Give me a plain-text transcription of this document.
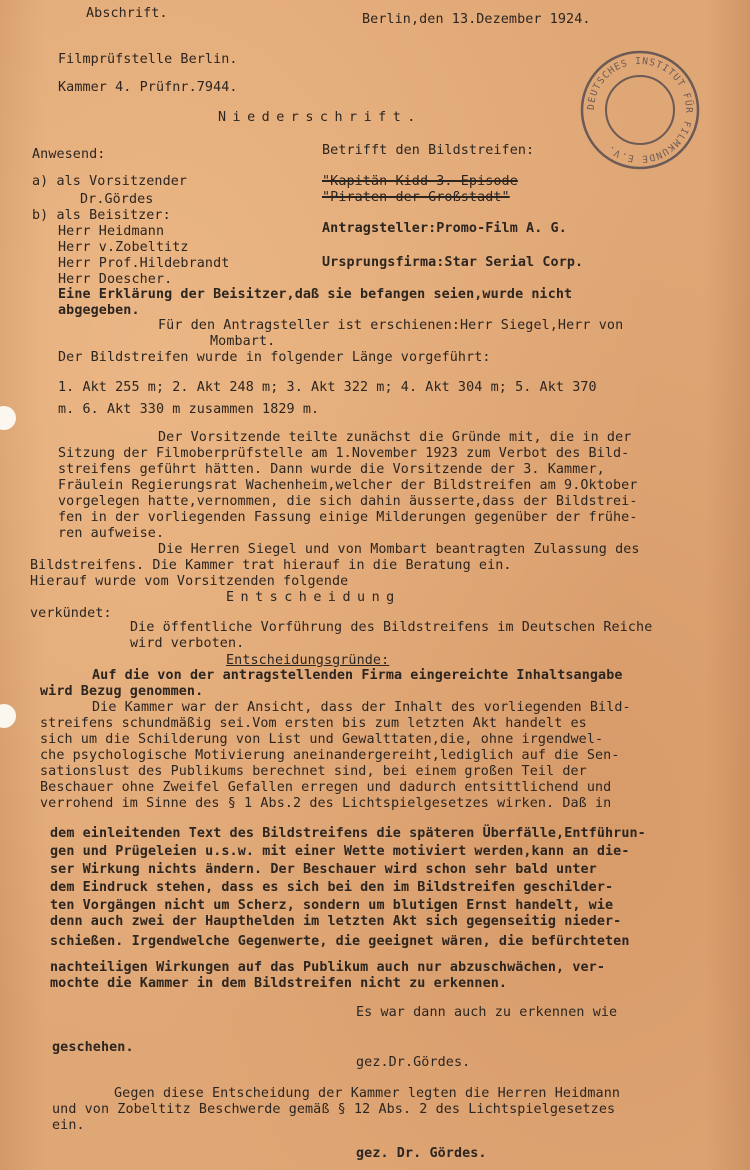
DEUTSCHES INSTITUT FÜR FILMKUNDE E.V.
Abschrift.	Berlin,den 13.Dezember 1924.
Filmprüfstelle Berlin.
Kammer 4. Prüfnr.7944.
Niederschrift.
Anwesend:
a) als Vorsitzender
Dr.Gördes
b) als Beisitzer:
Herr Heidmann
Herr v.Zobeltitz
Herr Prof.Hildebrandt
Herr Doescher.
Betrifft den Bildstreifen:
"Kapitän Kidd 3. Episode
"Piraten der Großstadt"
Antragsteller:Promo-Film A. G.
Ursprungsfirma:Star Serial Corp.
Eine Erklärung der Beisitzer,daß sie befangen seien,wurde nicht
abgegeben.
Für den Antragsteller ist erschienen:Herr Siegel,Herr von
Mombart.
Der Bildstreifen wurde in folgender Länge vorgeführt:
1. Akt 255 m; 2. Akt 248 m; 3. Akt 322 m; 4. Akt 304 m; 5. Akt 370
m. 6. Akt 330 m zusammen 1829 m.
Der Vorsitzende teilte zunächst die Gründe mit, die in der
Sitzung der Filmoberprüfstelle am 1.November 1923 zum Verbot des Bild-
streifens geführt hätten. Dann wurde die Vorsitzende der 3. Kammer,
Fräulein Regierungsrat Wachenheim,welcher der Bildstreifen am 9.Oktober
vorgelegen hatte,vernommen, die sich dahin äusserte,dass der Bildstrei-
fen in der vorliegenden Fassung einige Milderungen gegenüber der frühe-
ren aufweise.
Die Herren Siegel und von Mombart beantragten Zulassung des
Bildstreifens. Die Kammer trat hierauf in die Beratung ein.
Hierauf wurde vom Vorsitzenden folgende
Entscheidung
verkündet:
Die öffentliche Vorführung des Bildstreifens im Deutschen Reiche
wird verboten.
Entscheidungsgründe:
Auf die von der antragstellenden Firma eingereichte Inhaltsangabe
wird Bezug genommen.
Die Kammer war der Ansicht, dass der Inhalt des vorliegenden Bild-
streifens schundmäßig sei.Vom ersten bis zum letzten Akt handelt es
sich um die Schilderung von List und Gewalttaten,die, ohne irgendwel-
che psychologische Motivierung aneinandergereiht,lediglich auf die Sen-
sationslust des Publikums berechnet sind, bei einem großen Teil der
Beschauer ohne Zweifel Gefallen erregen und dadurch entsittlichend und
verrohend im Sinne des § 1 Abs.2 des Lichtspielgesetzes wirken. Daß in
dem einleitenden Text des Bildstreifens die späteren Überfälle,Entführun-
gen und Prügeleien u.s.w. mit einer Wette motiviert werden,kann an die-
ser Wirkung nichts ändern. Der Beschauer wird schon sehr bald unter
dem Eindruck stehen, dass es sich bei den im Bildstreifen geschilder-
ten Vorgängen nicht um Scherz, sondern um blutigen Ernst handelt, wie
denn auch zwei der Haupthelden im letzten Akt sich gegenseitig nieder-
schießen. Irgendwelche Gegenwerte, die geeignet wären, die befürchteten
nachteiligen Wirkungen auf das Publikum auch nur abzuschwächen, ver-
mochte die Kammer in dem Bildstreifen nicht zu erkennen.
Es war dann auch zu erkennen wie
geschehen.
gez.Dr.Gördes.
Gegen diese Entscheidung der Kammer legten die Herren Heidmann
und von Zobeltitz Beschwerde gemäß § 12 Abs. 2 des Lichtspielgesetzes
ein.
gez. Dr. Gördes.
